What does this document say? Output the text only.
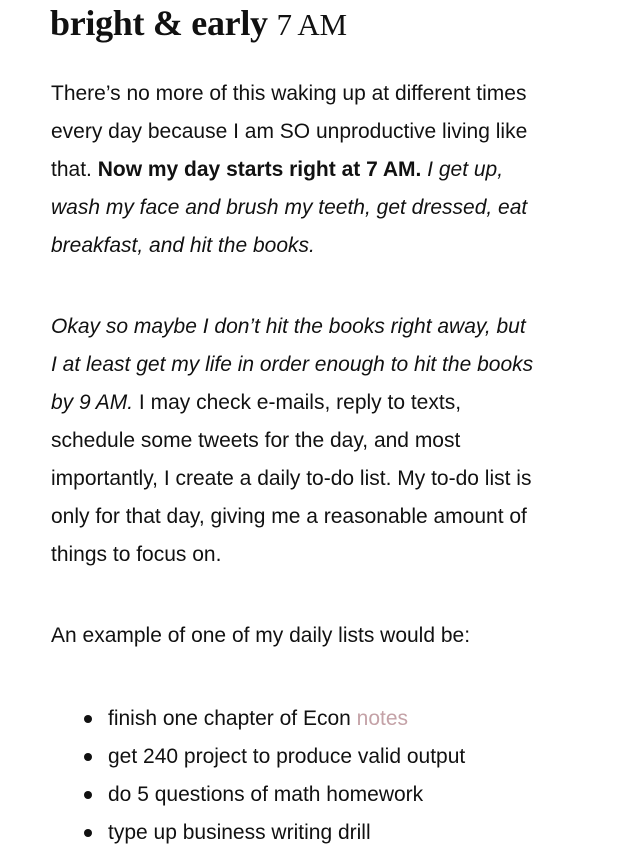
bright & early 7 AM

There’s no more of this waking up at different times
every day because I am SO unproductive living like
that. Now my day starts right at 7 AM. I get up,
wash my face and brush my teeth, get dressed, eat
breakfast, and hit the books.

Okay so maybe I don’t hit the books right away, but
I at least get my life in order enough to hit the books
by 9 AM. I may check e-mails, reply to texts,
schedule some tweets for the day, and most
importantly, I create a daily to-do list. My to-do list is
only for that day, giving me a reasonable amount of
things to focus on.

An example of one of my daily lists would be:

finish one chapter of Econ notes
get 240 project to produce valid output
do 5 questions of math homework
type up business writing drill
